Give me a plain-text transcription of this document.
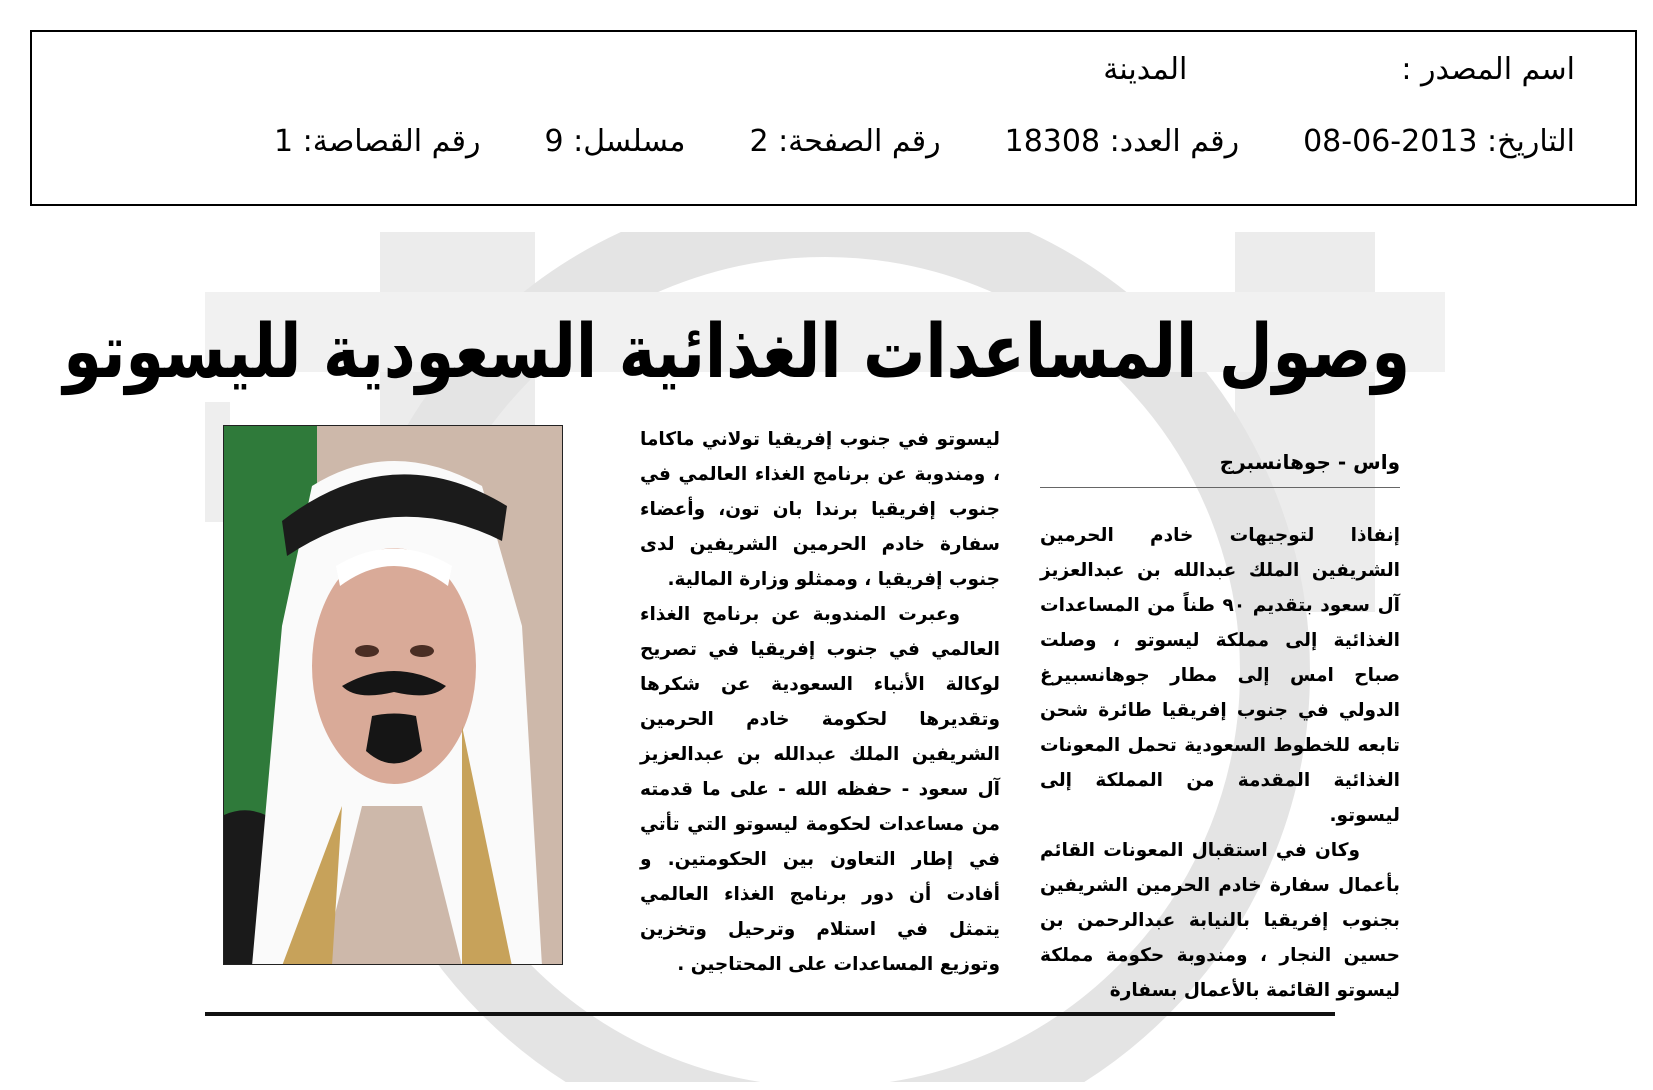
اسم المصدر :
المدينة
التاريخ: 2013-06-08
رقم العدد: 18308
رقم الصفحة: 2
مسلسل: 9
رقم القصاصة: 1
وصول المساعدات الغذائية السعودية لليسوتو
واس - جوهانسبرج

إنفاذا لتوجيهات خادم الحرمين الشريفين الملك عبدالله بن عبدالعزيز آل سعود بتقديم ٩٠ طناً من المساعدات الغذائية إلى مملكة ليسوتو ، وصلت صباح امس إلى مطار جوهانسبيرغ الدولي في جنوب إفريقيا طائرة شحن تابعه للخطوط السعودية تحمل المعونات الغذائية المقدمة من المملكة إلى ليسوتو.

وكان في استقبال المعونات القائم بأعمال سفارة خادم الحرمين الشريفين بجنوب إفريقيا بالنيابة عبدالرحمن بن حسين النجار ، ومندوبة حكومة مملكة ليسوتو القائمة بالأعمال بسفارة

ليسوتو في جنوب إفريقيا تولاني ماكاما ، ومندوبة عن برنامج الغذاء العالمي في جنوب إفريقيا برندا بان تون، وأعضاء سفارة خادم الحرمين الشريفين لدى جنوب إفريقيا ، وممثلو وزارة المالية.

وعبرت المندوبة عن برنامج الغذاء العالمي في جنوب إفريقيا في تصريح لوكالة الأنباء السعودية عن شكرها وتقديرها لحكومة خادم الحرمين الشريفين الملك عبدالله بن عبدالعزيز آل سعود - حفظه الله - على ما قدمته من مساعدات لحكومة ليسوتو التي تأتي في إطار التعاون بين الحكومتين. و أفادت أن دور برنامج الغذاء العالمي يتمثل في استلام وترحيل وتخزين وتوزيع المساعدات على المحتاجين .
